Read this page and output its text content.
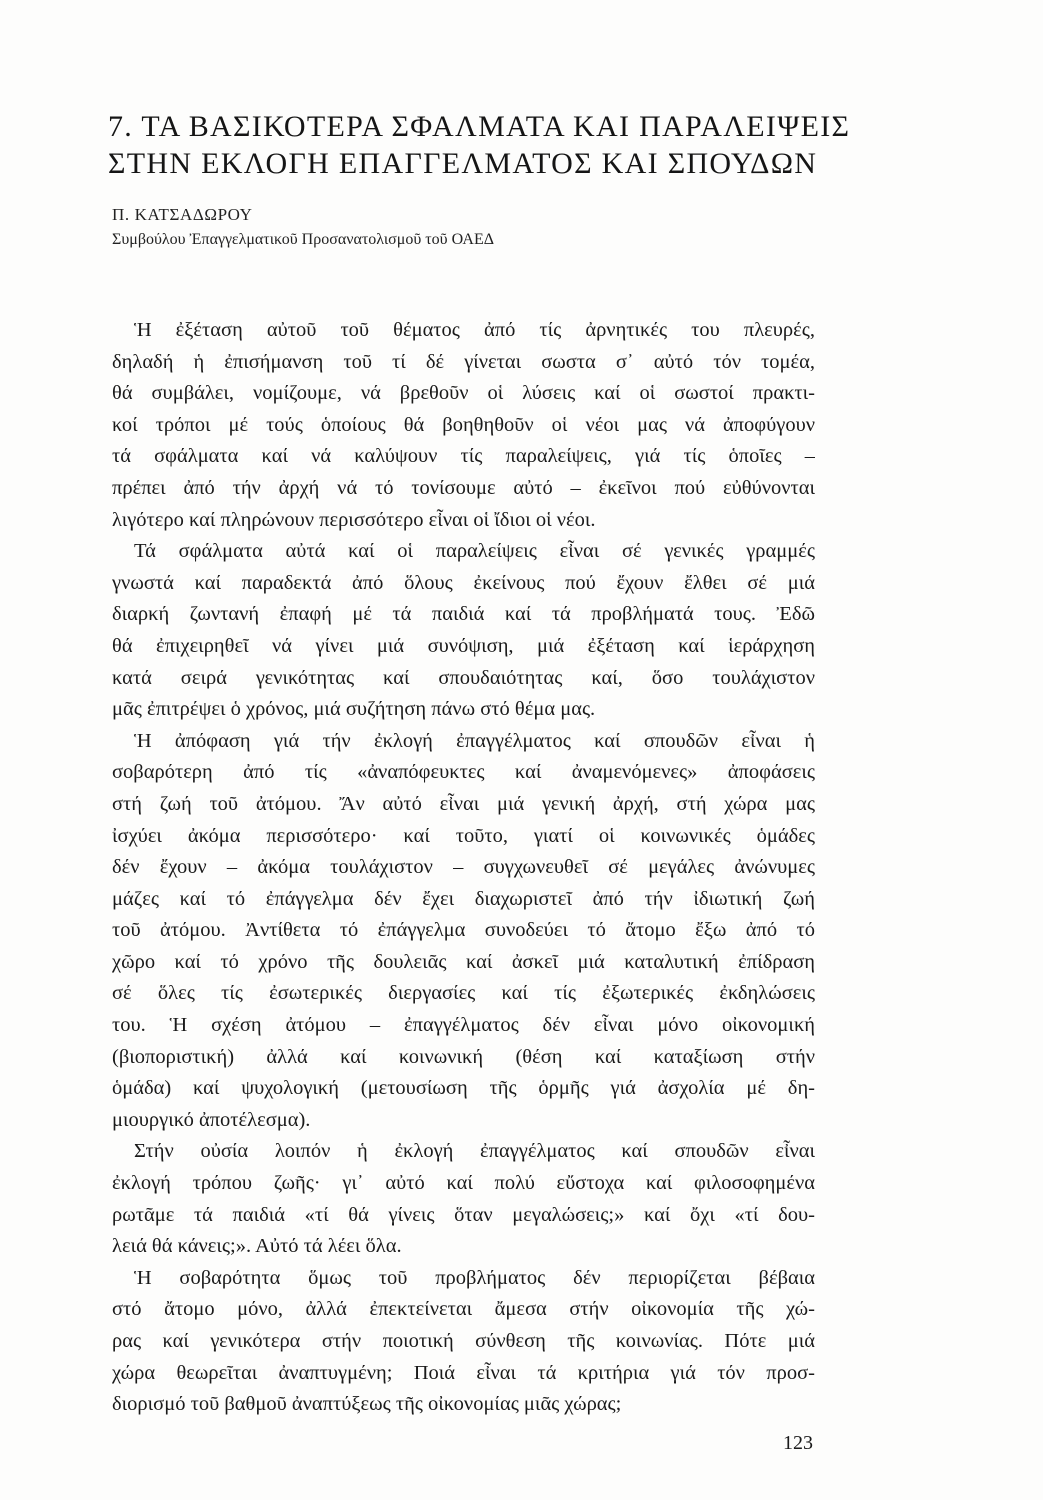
7. ΤΑ ΒΑΣΙΚΟΤΕΡΑ ΣΦΑΛΜΑΤΑ ΚΑΙ ΠΑΡΑΛΕΙΨΕΙΣ
ΣΤΗΝ ΕΚΛΟΓΗ ΕΠΑΓΓΕΛΜΑΤΟΣ ΚΑΙ ΣΠΟΥΔΩΝ
Π. ΚΑΤΣΑΔΩΡΟΥ
Συμβούλου Ἐπαγγελματικοῦ Προσανατολισμοῦ τοῦ ΟΑΕΔ
Ἡ ἐξέταση αὐτοῦ τοῦ θέματος ἀπό τίς ἀρνητικές του πλευρές,
δηλαδή ἡ ἐπισήμανση τοῦ τί δέ γίνεται σωστα σ᾽ αὐτό τόν τομέα,
θά συμβάλει, νομίζουμε, νά βρεθοῦν οἱ λύσεις καί οἱ σωστοί πρακτι-
κοί τρόποι μέ τούς ὁποίους θά βοηθηθοῦν οἱ νέοι μας νά ἀποφύγουν
τά σφάλματα καί νά καλύψουν τίς παραλείψεις, γιά τίς ὁποῖες –
πρέπει ἀπό τήν ἀρχή νά τό τονίσουμε αὐτό – ἐκεῖνοι πού εὐθύνονται
λιγότερο καί πληρώνουν περισσότερο εἶναι οἱ ἴδιοι οἱ νέοι.
Τά σφάλματα αὐτά καί οἱ παραλείψεις εἶναι σέ γενικές γραμμές
γνωστά καί παραδεκτά ἀπό ὅλους ἐκείνους πού ἔχουν ἔλθει σέ μιά
διαρκή ζωντανή ἐπαφή μέ τά παιδιά καί τά προβλήματά τους. Ἐδῶ
θά ἐπιχειρηθεῖ νά γίνει μιά συνόψιση, μιά ἐξέταση καί ἱεράρχηση
κατά σειρά γενικότητας καί σπουδαιότητας καί, ὅσο τουλάχιστον
μᾶς ἐπιτρέψει ὁ χρόνος, μιά συζήτηση πάνω στό θέμα μας.
Ἡ ἀπόφαση γιά τήν ἐκλογή ἐπαγγέλματος καί σπουδῶν εἶναι ἡ
σοβαρότερη ἀπό τίς «ἀναπόφευκτες καί ἀναμενόμενες» ἀποφάσεις
στή ζωή τοῦ ἀτόμου. Ἄν αὐτό εἶναι μιά γενική ἀρχή, στή χώρα μας
ἰσχύει ἀκόμα περισσότερο· καί τοῦτο, γιατί οἱ κοινωνικές ὁμάδες
δέν ἔχουν – ἀκόμα τουλάχιστον – συγχωνευθεῖ σέ μεγάλες ἀνώνυμες
μάζες καί τό ἐπάγγελμα δέν ἔχει διαχωριστεῖ ἀπό τήν ἰδιωτική ζωή
τοῦ ἀτόμου. Ἀντίθετα τό ἐπάγγελμα συνοδεύει τό ἄτομο ἔξω ἀπό τό
χῶρο καί τό χρόνο τῆς δουλειᾶς καί ἀσκεῖ μιά καταλυτική ἐπίδραση
σέ ὅλες τίς ἐσωτερικές διεργασίες καί τίς ἐξωτερικές ἐκδηλώσεις
του. Ἡ σχέση ἀτόμου – ἐπαγγέλματος δέν εἶναι μόνο οἰκονομική
(βιοποριστική) ἀλλά καί κοινωνική (θέση καί καταξίωση στήν
ὁμάδα) καί ψυχολογική (μετουσίωση τῆς ὁρμῆς γιά ἀσχολία μέ δη-
μιουργικό ἀποτέλεσμα).
Στήν οὐσία λοιπόν ἡ ἐκλογή ἐπαγγέλματος καί σπουδῶν εἶναι
ἐκλογή τρόπου ζωῆς· γι᾽ αὐτό καί πολύ εὔστοχα καί φιλοσοφημένα
ρωτᾶμε τά παιδιά «τί θά γίνεις ὅταν μεγαλώσεις;» καί ὄχι «τί δου-
λειά θά κάνεις;». Αὐτό τά λέει ὅλα.
Ἡ σοβαρότητα ὅμως τοῦ προβλήματος δέν περιορίζεται βέβαια
στό ἄτομο μόνο, ἀλλά ἐπεκτείνεται ἄμεσα στήν οἰκονομία τῆς χώ-
ρας καί γενικότερα στήν ποιοτική σύνθεση τῆς κοινωνίας. Πότε μιά
χώρα θεωρεῖται ἀναπτυγμένη; Ποιά εἶναι τά κριτήρια γιά τόν προσ-
διορισμό τοῦ βαθμοῦ ἀναπτύξεως τῆς οἰκονομίας μιᾶς χώρας;
123
